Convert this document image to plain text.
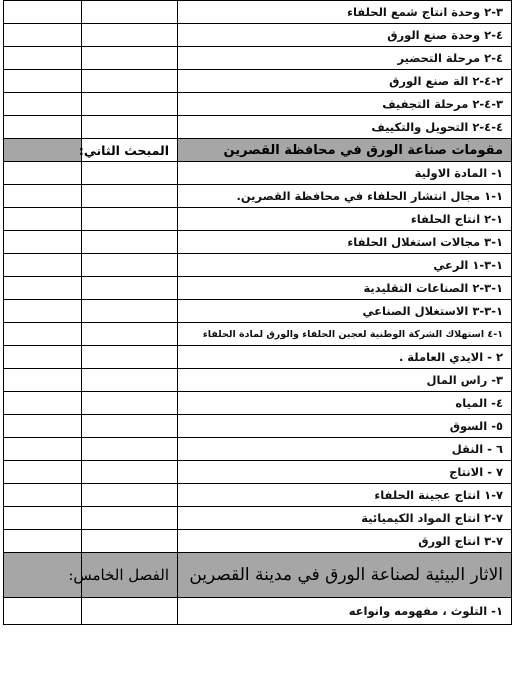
٣-٢ وحدة انتاج شمع الحلفاء		
٤-٢ وحدة صنع الورق		
٤-٢ مرحلة التحضير		
٢-٤-٢ الة صنع الورق		
٣-٤-٢ مرحلة التجفيف		
٤-٤-٢ التحويل والتكييف		
مقومات صناعة الورق في محافظة القصرين	المبحث الثاني:	
١- المادة الاولية		
١-١ مجال انتشار الحلفاء في محافظة القصرين.		
١-٢ انتاج الحلفاء		
١-٣ مجالات استغلال الحلفاء		
١-٣-١ الرعي		
١-٣-٢ الصناعات التقليدية		
١-٣-٣ الاستغلال الصناعي		
١-٤ استهلاك الشركة الوطنية لعجين الحلفاء والورق لمادة الحلفاء		
٢ - الايدي العاملة .		
٣- راس المال		
٤- المياه		
٥- السوق		
٦ - النقل		
٧ - الانتاج		
٧-١ انتاج عجينة الحلفاء		
٧-٢ انتاج المواد الكيميائية		
٧-٣ انتاج الورق		
الاثار البيئية لصناعة الورق في مدينة القصرين	الفصل الخامس:	
١- التلوث ، مفهومه وانواعه		
